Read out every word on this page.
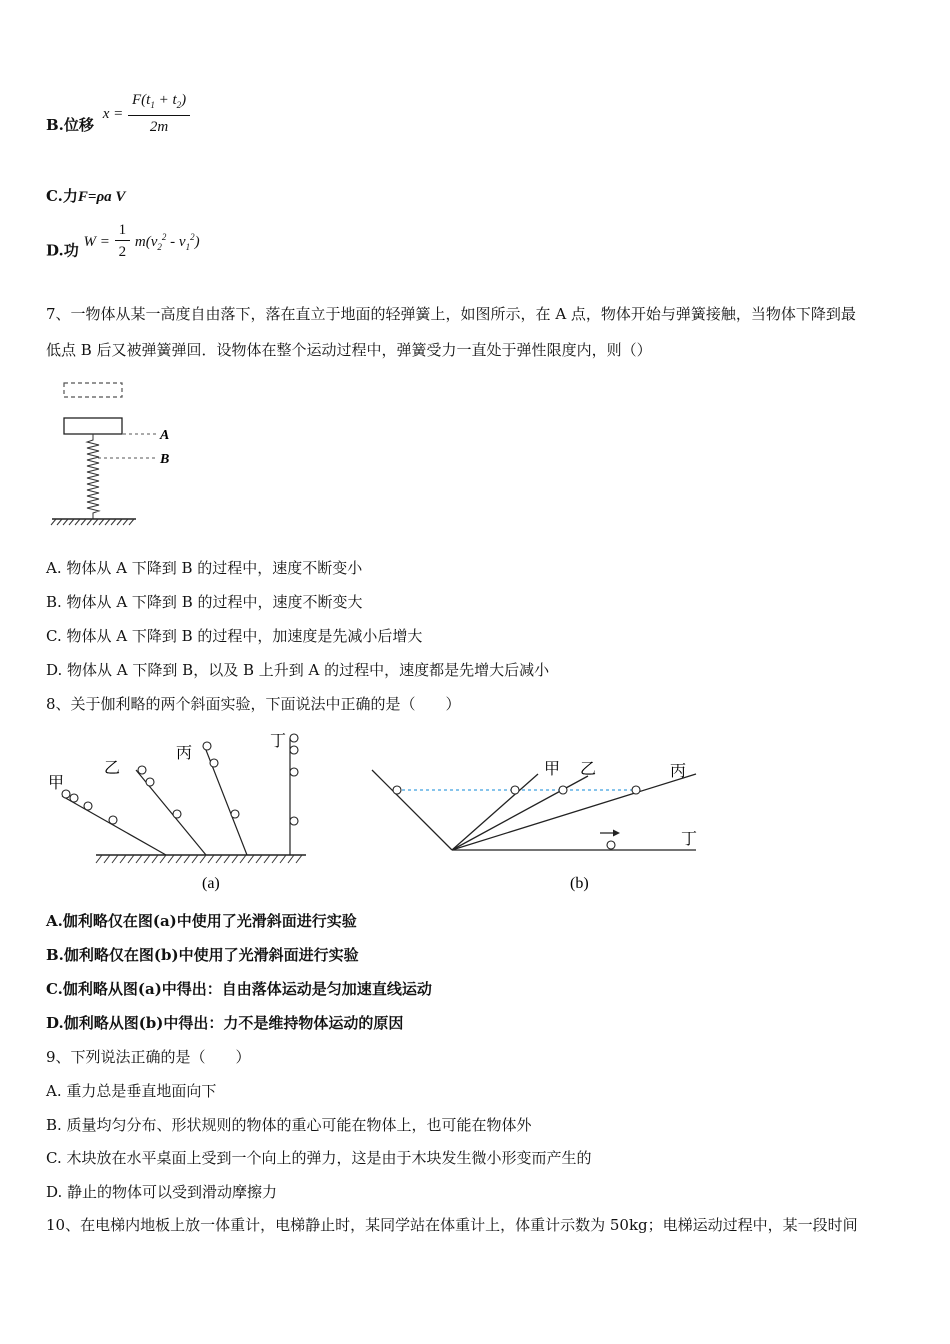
B.位移 $x = \frac{F(t_1 + t_2)}{2m}$
C.力F=ρa V
D.功 $W = \frac{1}{2} m(v_2^2 - v_1^2)$
7、一物体从某一高度自由落下，落在直立于地面的轻弹簧上，如图所示，在 A 点，物体开始与弹簧接触，当物体下降到最
低点 B 后又被弹簧弹回．设物体在整个运动过程中，弹簧受力一直处于弹性限度内，则（）
A
B
A. 物体从 A 下降到 B 的过程中，速度不断变小
B. 物体从 A 下降到 B 的过程中，速度不断变大
C. 物体从 A 下降到 B 的过程中，加速度是先减小后增大
D. 物体从 A 下降到 B，以及 B 上升到 A 的过程中，速度都是先增大后减小
8、关于伽利略的两个斜面实验，下面说法中正确的是（　　）
甲
乙
丙
丁
(a)
甲 乙	丙
丁
(b)
A.伽利略仅在图(a)中使用了光滑斜面进行实验
B.伽利略仅在图(b)中使用了光滑斜面进行实验
C.伽利略从图(a)中得出：自由落体运动是匀加速直线运动
D.伽利略从图(b)中得出：力不是维持物体运动的原因
9、下列说法正确的是（　　）
A. 重力总是垂直地面向下
B. 质量均匀分布、形状规则的物体的重心可能在物体上，也可能在物体外
C. 木块放在水平桌面上受到一个向上的弹力，这是由于木块发生微小形变而产生的
D. 静止的物体可以受到滑动摩擦力
10、在电梯内地板上放一体重计，电梯静止时，某同学站在体重计上，体重计示数为 50kg；电梯运动过程中，某一段时间
